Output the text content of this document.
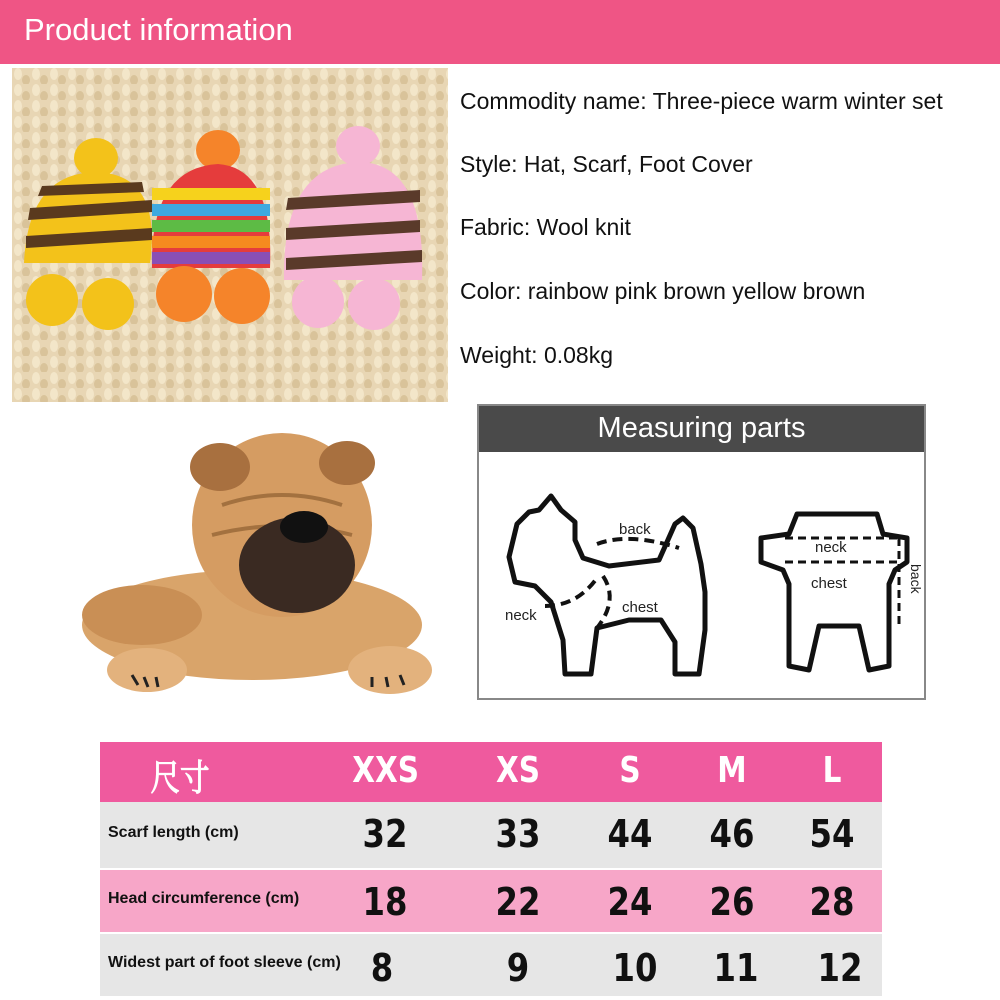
Product information
Commodity name: Three-piece warm winter set
Style: Hat, Scarf, Foot Cover
Fabric: Wool knit
Color: rainbow pink brown yellow brown
Weight: 0.08kg
Measuring parts
back
neck	chest
neck
chest	back
尺寸	XXS XS	S	M	L
Scarf length (cm)	32	33	44	46	54
Head circumference (cm)	18	22	24	26	28
Widest part of foot sleeve (cm) 8	9	10	11	12
